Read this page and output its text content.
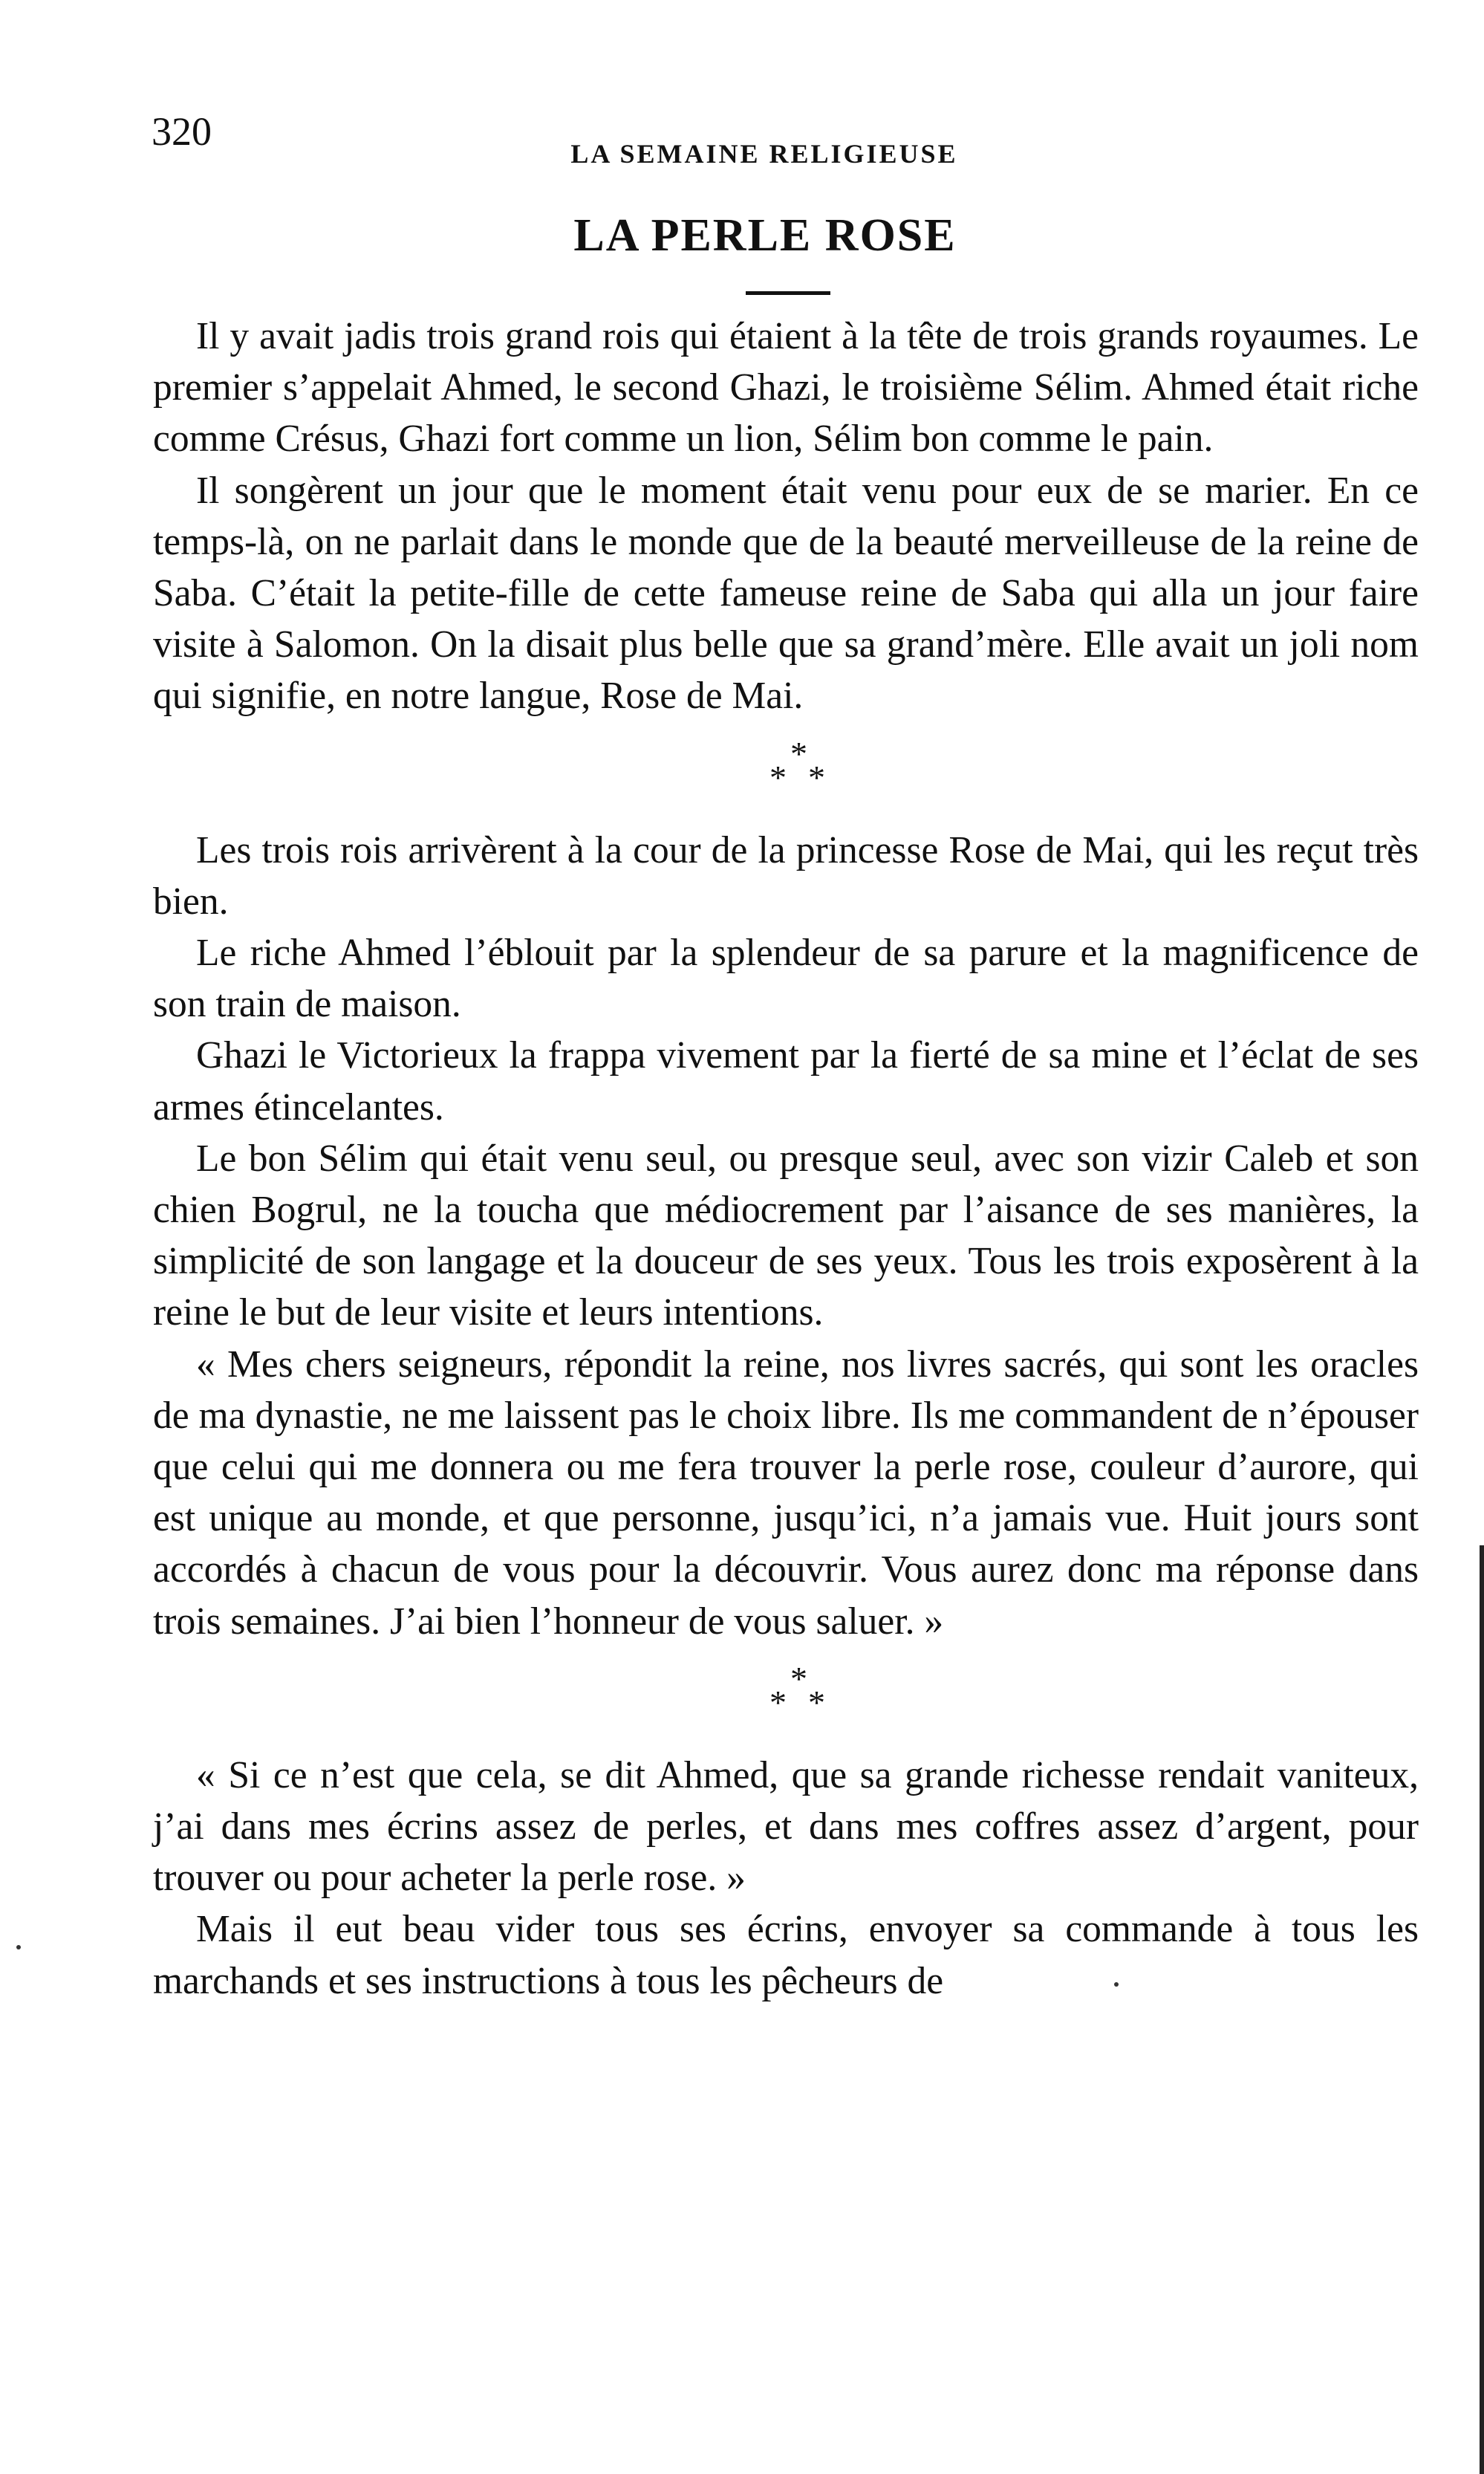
320	LA SEMAINE RELIGIEUSE
LA PERLE ROSE

Il y avait jadis trois grand rois qui étaient à la tête de trois grands royaumes. Le premier s’appelait Ahmed, le second Ghazi, le troisième Sélim. Ahmed était riche comme Crésus, Ghazi fort comme un lion, Sélim bon comme le pain.

Il songèrent un jour que le moment était venu pour eux de se marier. En ce temps-là, on ne parlait dans le monde que de la beauté merveilleuse de la reine de Saba. C’était la petite-fille de cette fameuse reine de Saba qui alla un jour faire visite à Salomon. On la disait plus belle que sa grand’mère. Elle avait un joli nom qui signifie, en notre langue, Rose de Mai.

*
* *

Les trois rois arrivèrent à la cour de la princesse Rose de Mai, qui les reçut très bien.

Le riche Ahmed l’éblouit par la splendeur de sa parure et la magnificence de son train de maison.

Ghazi le Victorieux la frappa vivement par la fierté de sa mine et l’éclat de ses armes étincelantes.

Le bon Sélim qui était venu seul, ou presque seul, avec son vizir Caleb et son chien Bogrul, ne la toucha que médiocrement par l’aisance de ses manières, la simplicité de son langage et la douceur de ses yeux. Tous les trois exposèrent à la reine le but de leur visite et leurs intentions.

« Mes chers seigneurs, répondit la reine, nos livres sacrés, qui sont les oracles de ma dynastie, ne me laissent pas le choix libre. Ils me commandent de n’épouser que celui qui me donnera ou me fera trouver la perle rose, couleur d’aurore, qui est unique au monde, et que personne, jusqu’ici, n’a jamais vue. Huit jours sont accordés à chacun de vous pour la découvrir. Vous aurez donc ma réponse dans trois semaines. J’ai bien l’honneur de vous saluer. »

*
* *

« Si ce n’est que cela, se dit Ahmed, que sa grande richesse rendait vaniteux, j’ai dans mes écrins assez de perles, et dans mes coffres assez d’argent, pour trouver ou pour acheter la perle rose. »

Mais il eut beau vider tous ses écrins, envoyer sa commande à tous les marchands et ses instructions à tous les pêcheurs de
